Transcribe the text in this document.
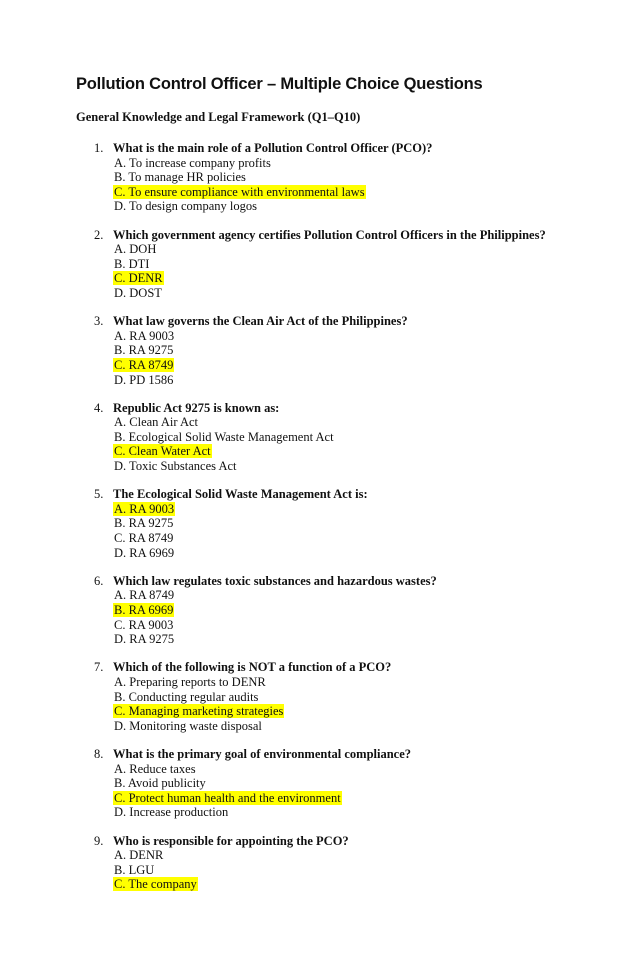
Pollution Control Officer – Multiple Choice Questions
General Knowledge and Legal Framework (Q1–Q10)
1. What is the main role of a Pollution Control Officer (PCO)?
A. To increase company profits
B. To manage HR policies
C. To ensure compliance with environmental laws
D. To design company logos
2. Which government agency certifies Pollution Control Officers in the Philippines?
A. DOH
B. DTI
C. DENR
D. DOST
3. What law governs the Clean Air Act of the Philippines?
A. RA 9003
B. RA 9275
C. RA 8749
D. PD 1586
4. Republic Act 9275 is known as:
A. Clean Air Act
B. Ecological Solid Waste Management Act
C. Clean Water Act
D. Toxic Substances Act
5. The Ecological Solid Waste Management Act is:
A. RA 9003
B. RA 9275
C. RA 8749
D. RA 6969
6. Which law regulates toxic substances and hazardous wastes?
A. RA 8749
B. RA 6969
C. RA 9003
D. RA 9275
7. Which of the following is NOT a function of a PCO?
A. Preparing reports to DENR
B. Conducting regular audits
C. Managing marketing strategies
D. Monitoring waste disposal
8. What is the primary goal of environmental compliance?
A. Reduce taxes
B. Avoid publicity
C. Protect human health and the environment
D. Increase production
9. Who is responsible for appointing the PCO?
A. DENR
B. LGU
C. The company
